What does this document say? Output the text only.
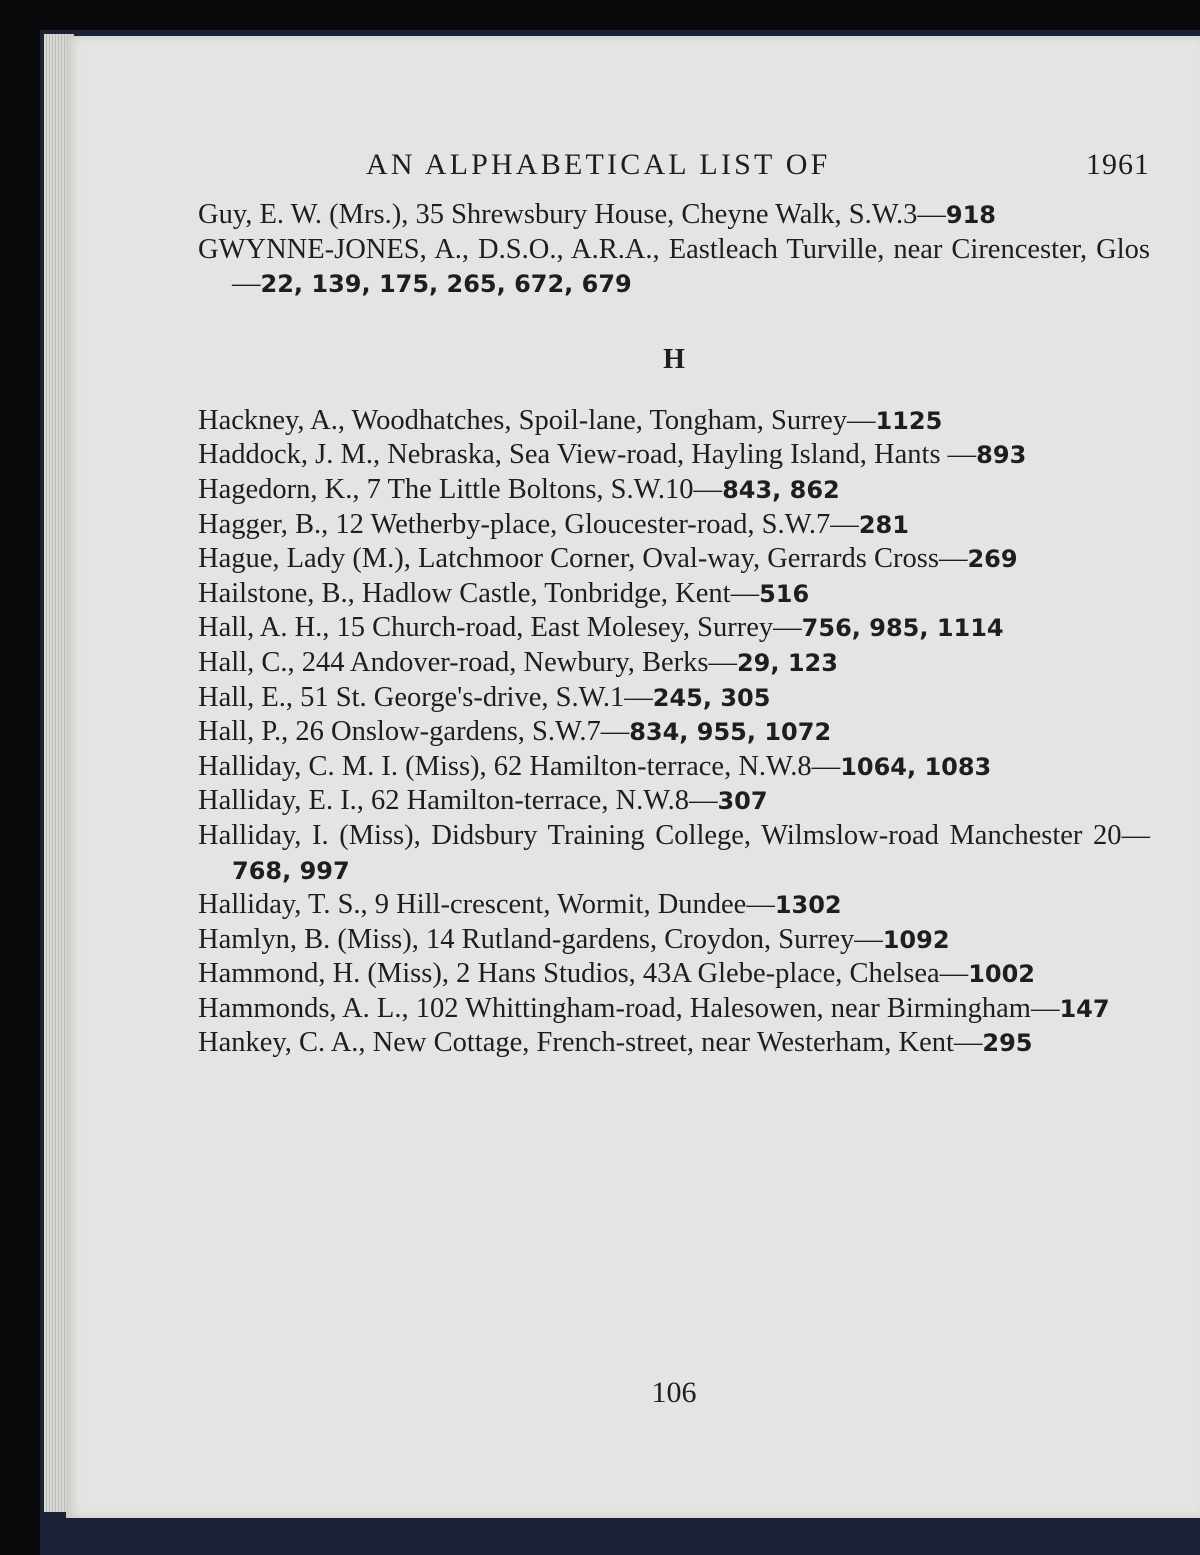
AN ALPHABETICAL LIST OF	1961
Guy, E. W. (Mrs.), 35 Shrewsbury House, Cheyne Walk, S.W.3—918
GWYNNE-JONES, A., D.S.O., A.R.A., Eastleach Turville, near Cirencester, Glos—22, 139, 175, 265, 672, 679
H
Hackney, A., Woodhatches, Spoil-lane, Tongham, Surrey—1125
Haddock, J. M., Nebraska, Sea View-road, Hayling Island, Hants —893
Hagedorn, K., 7 The Little Boltons, S.W.10—843, 862
Hagger, B., 12 Wetherby-place, Gloucester-road, S.W.7—281
Hague, Lady (M.), Latchmoor Corner, Oval-way, Gerrards Cross—269
Hailstone, B., Hadlow Castle, Tonbridge, Kent—516
Hall, A. H., 15 Church-road, East Molesey, Surrey—756, 985, 1114
Hall, C., 244 Andover-road, Newbury, Berks—29, 123
Hall, E., 51 St. George's-drive, S.W.1—245, 305
Hall, P., 26 Onslow-gardens, S.W.7—834, 955, 1072
Halliday, C. M. I. (Miss), 62 Hamilton-terrace, N.W.8—1064, 1083
Halliday, E. I., 62 Hamilton-terrace, N.W.8—307
Halliday, I. (Miss), Didsbury Training College, Wilmslow-road Manchester 20—768, 997
Halliday, T. S., 9 Hill-crescent, Wormit, Dundee—1302
Hamlyn, B. (Miss), 14 Rutland-gardens, Croydon, Surrey—1092
Hammond, H. (Miss), 2 Hans Studios, 43A Glebe-place, Chelsea—1002
Hammonds, A. L., 102 Whittingham-road, Halesowen, near Birmingham—147
Hankey, C. A., New Cottage, French-street, near Westerham, Kent—295
106
